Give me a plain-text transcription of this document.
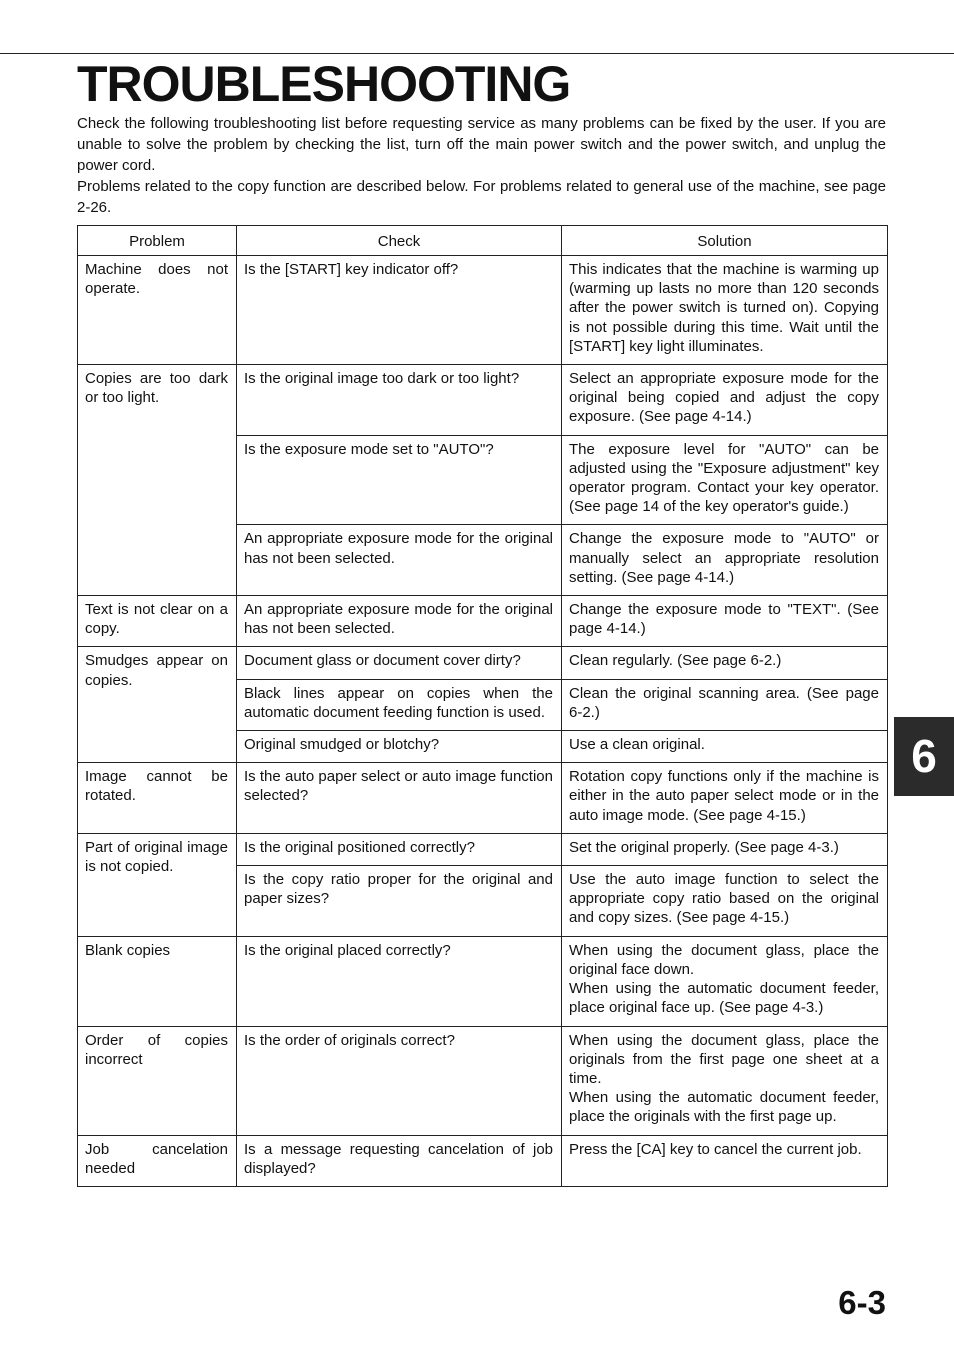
TROUBLESHOOTING

Check the following troubleshooting list before requesting service as many problems can be fixed by the user. If you are unable to solve the problem by checking the list, turn off the main power switch and the power switch, and unplug the power cord.

Problems related to the copy function are described below. For problems related to general use of the machine, see page 2-26.

Problem	Check	Solution
Machine does not operate.	Is the [START] key indicator off?	This indicates that the machine is warming up (warming up lasts no more than 120 seconds after the power switch is turned on). Copying is not possible during this time. Wait until the [START] key light illuminates.
Copies are too dark or too light.	Is the original image too dark or too light?	Select an appropriate exposure mode for the original being copied and adjust the copy exposure. (See page 4-14.)
	Is the exposure mode set to "AUTO"?	The exposure level for "AUTO" can be adjusted using the "Exposure adjustment" key operator program. Contact your key operator. (See page 14 of the key operator's guide.)
	An appropriate exposure mode for the original has not been selected.	Change the exposure mode to "AUTO" or manually select an appropriate resolution setting. (See page 4-14.)
Text is not clear on a copy.	An appropriate exposure mode for the original has not been selected.	Change the exposure mode to "TEXT". (See page 4-14.)
Smudges appear on copies.	Document glass or document cover dirty?	Clean regularly. (See page 6-2.)
	Black lines appear on copies when the automatic document feeding function is used.	Clean the original scanning area. (See page 6-2.)
	Original smudged or blotchy?	Use a clean original.
Image cannot be rotated.	Is the auto paper select or auto image function selected?	Rotation copy functions only if the machine is either in the auto paper select mode or in the auto image mode. (See page 4-15.)
Part of original image is not copied.	Is the original positioned correctly?	Set the original properly. (See page 4-3.)
	Is the copy ratio proper for the original and paper sizes?	Use the auto image function to select the appropriate copy ratio based on the original and copy sizes. (See page 4-15.)
Blank copies	Is the original placed correctly?	When using the document glass, place the original face down.
When using the automatic document feeder, place original face up. (See page 4-3.)

Order of copies incorrect	Is the order of originals correct?	When using the document glass, place the originals from the first page one sheet at a time.
When using the automatic document feeder, place the originals with the first page up.

Job cancelation needed	Is a message requesting cancelation of job displayed?	Press the [CA] key to cancel the current job.
6
6-3
